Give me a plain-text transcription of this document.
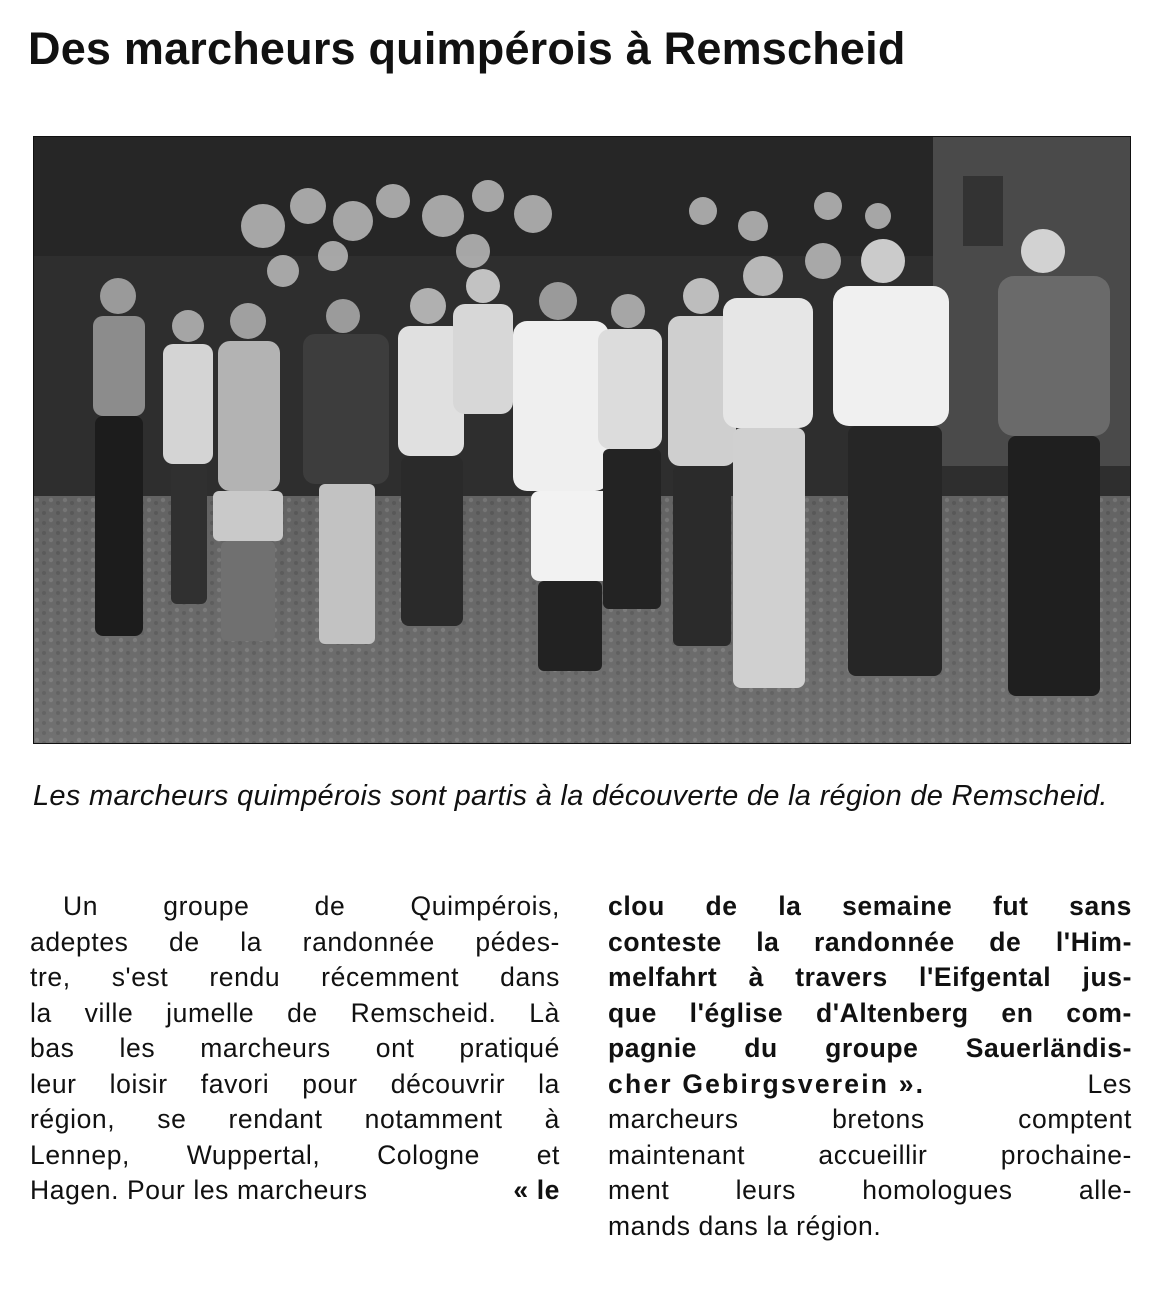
Des marcheurs quimpérois à Remscheid
Les marcheurs quimpérois sont partis à la découverte de la région de Remscheid.
Un groupe de Quimpérois,
adeptes de la randonnée pédes-
tre, s'est rendu récemment dans
la ville jumelle de Remscheid. Là
bas les marcheurs ont pratiqué
leur loisir favori pour découvrir la
région, se rendant notamment à
Lennep, Wuppertal, Cologne et
Hagen. Pour les marcheurs	« le
clou de la semaine fut sans
conteste la randonnée de l'Him-
melfahrt à travers l'Eifgental jus-
que l'église d'Altenberg en com-
pagnie du groupe Sauerländis-
cher Gebirgsverein ».	Les
marcheurs bretons comptent
maintenant accueillir prochaine-
ment leurs homologues alle-
mands dans la région.
